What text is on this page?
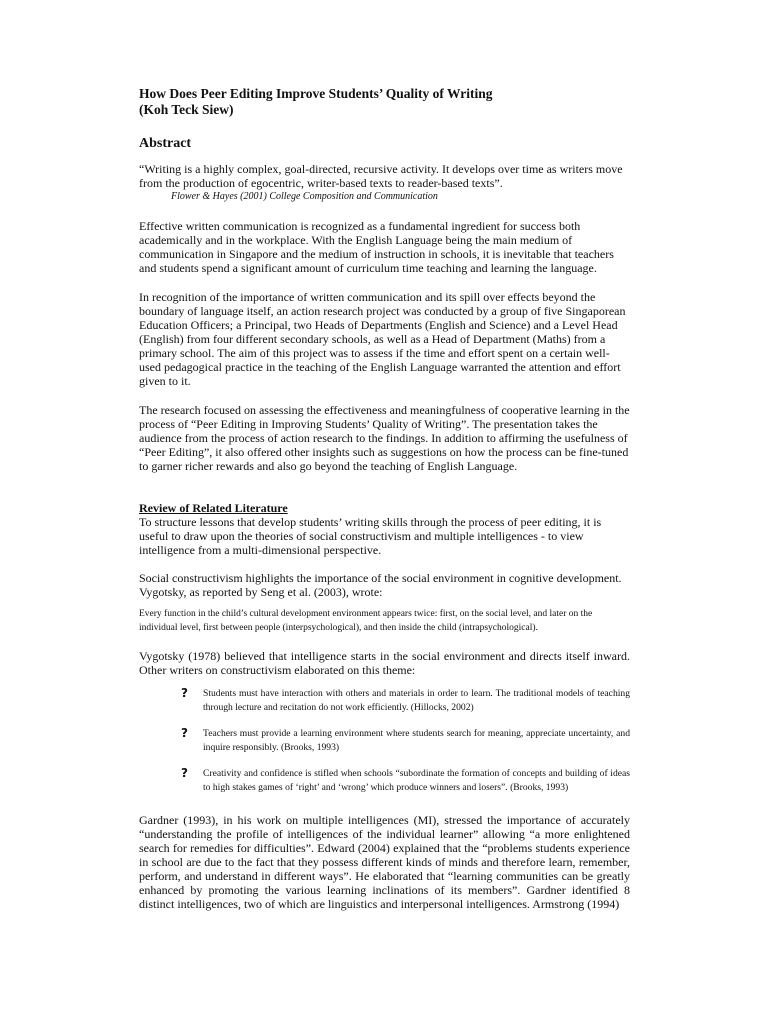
How Does Peer Editing Improve Students’ Quality of Writing

(Koh Teck Siew)

Abstract

“Writing is a highly complex, goal-directed, recursive activity. It develops over time as writers move from the production of egocentric, writer-based texts to reader-based texts”.

Flower & Hayes (2001) College Composition and Communication

Effective written communication is recognized as a fundamental ingredient for success both academically and in the workplace. With the English Language being the main medium of communication in Singapore and the medium of instruction in schools, it is inevitable that teachers and students spend a significant amount of curriculum time teaching and learning the language.

In recognition of the importance of written communication and its spill over effects beyond the boundary of language itself, an action research project was conducted by a group of five Singaporean Education Officers; a Principal, two Heads of Departments (English and Science) and a Level Head (English) from four different secondary schools, as well as a Head of Department (Maths) from a primary school. The aim of this project was to assess if the time and effort spent on a certain well-used pedagogical practice in the teaching of the English Language warranted the attention and effort given to it.

The research focused on assessing the effectiveness and meaningfulness of cooperative learning in the process of “Peer Editing in Improving Students’ Quality of Writing”. The presentation takes the audience from the process of action research to the findings. In addition to affirming the usefulness of “Peer Editing”, it also offered other insights such as suggestions on how the process can be fine-tuned to garner richer rewards and also go beyond the teaching of English Language.

Review of Related Literature

To structure lessons that develop students’ writing skills through the process of peer editing, it is useful to draw upon the theories of social constructivism and multiple intelligences - to view intelligence from a multi-dimensional perspective.

Social constructivism highlights the importance of the social environment in cognitive development. Vygotsky, as reported by Seng et al. (2003), wrote:

Every function in the child’s cultural development environment appears twice: first, on the social level, and later on the individual level, first between people (interpsychological), and then inside the child (intrapsychological).

Vygotsky (1978) believed that intelligence starts in the social environment and directs itself inward. Other writers on constructivism elaborated on this theme:

? Students must have interaction with others and materials in order to learn. The traditional models of teaching through lecture and recitation do not work efficiently. (Hillocks, 2002)
? Teachers must provide a learning environment where students search for meaning, appreciate uncertainty, and inquire responsibly. (Brooks, 1993)
? Creativity and confidence is stifled when schools “subordinate the formation of concepts and building of ideas to high stakes games of ‘right’ and ‘wrong’ which produce winners and losers”. (Brooks, 1993)

Gardner (1993), in his work on multiple intelligences (MI), stressed the importance of accurately “understanding the profile of intelligences of the individual learner” allowing “a more enlightened search for remedies for difficulties”. Edward (2004) explained that the “problems students experience in school are due to the fact that they possess different kinds of minds and therefore learn, remember, perform, and understand in different ways”. He elaborated that “learning communities can be greatly enhanced by promoting the various learning inclinations of its members”. Gardner identified 8 distinct intelligences, two of which are linguistics and interpersonal intelligences. Armstrong (1994)
